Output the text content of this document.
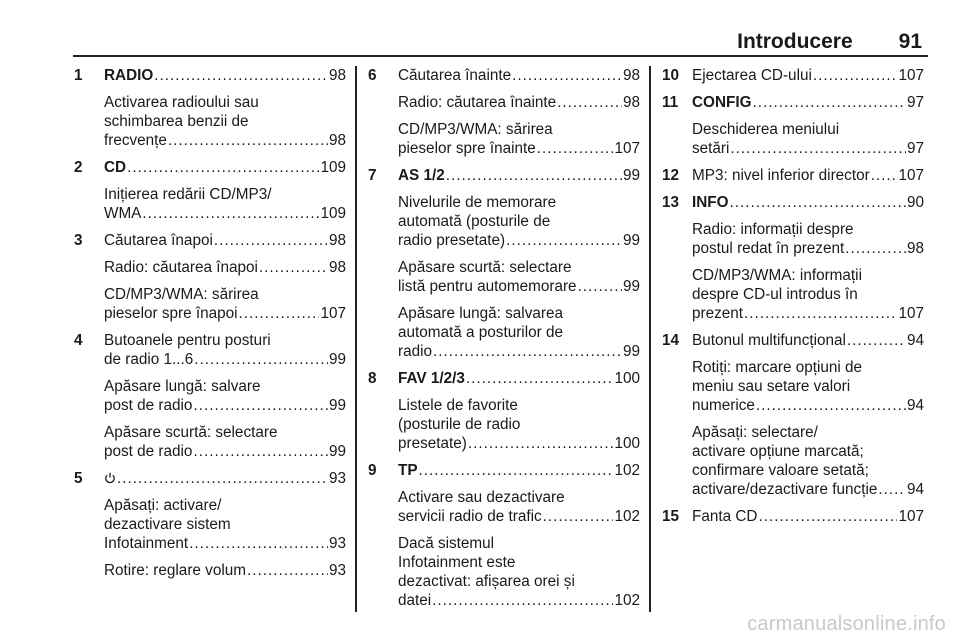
Introducere 91
1	RADIO .....	98
Activarea radioului sau
schimbarea benzii de
frecvențe .....	98
2	CD .....	109
Inițierea redării CD/MP3/
WMA .....	109
3	Căutarea înapoi .....	98
Radio: căutarea înapoi .....	98
CD/MP3/WMA: sărirea
pieselor spre înapoi .....	107
4	Butoanele pentru posturi
de radio 1...6 .....	99
Apăsare lungă: salvare
post de radio .....	99
Apăsare scurtă: selectare
post de radio .....	99
5 .....	93
Apăsați: activare/
dezactivare sistem
Infotainment .....	93
Rotire: reglare volum .....	93
6	Căutarea înainte .....	98
Radio: căutarea înainte .....	98
CD/MP3/WMA: sărirea
pieselor spre înainte .....	107
7	AS 1/2 .....	99
Nivelurile de memorare
automată (posturile de
radio presetate) .....	99
Apăsare scurtă: selectare
listă pentru automemorare .....	99
Apăsare lungă: salvarea
automată a posturilor de
radio .....	99
8	FAV 1/2/3 .....	100
Listele de favorite
(posturile de radio
presetate) .....	100
9	TP .....	102
Activare sau dezactivare
servicii radio de trafic .....	102
Dacă sistemul
Infotainment este
dezactivat: afișarea orei și
datei .....	102
10 Ejectarea CD-ului .....	107
11 CONFIG .....	97
Deschiderea meniului
setări .....	97
12 MP3: nivel inferior director ..... 107
13 INFO .....	90
Radio: informații despre
postul redat în prezent .....	98
CD/MP3/WMA: informații
despre CD-ul introdus în
prezent .....	107
14 Butonul multifuncțional .....	94
Rotiți: marcare opțiuni de
meniu sau setare valori
numerice .....	94
Apăsați: selectare/
activare opțiune marcată;
confirmare valoare setată;
activare/dezactivare funcție ..... 94
15 Fanta CD .....	107
carmanualsonline.info
